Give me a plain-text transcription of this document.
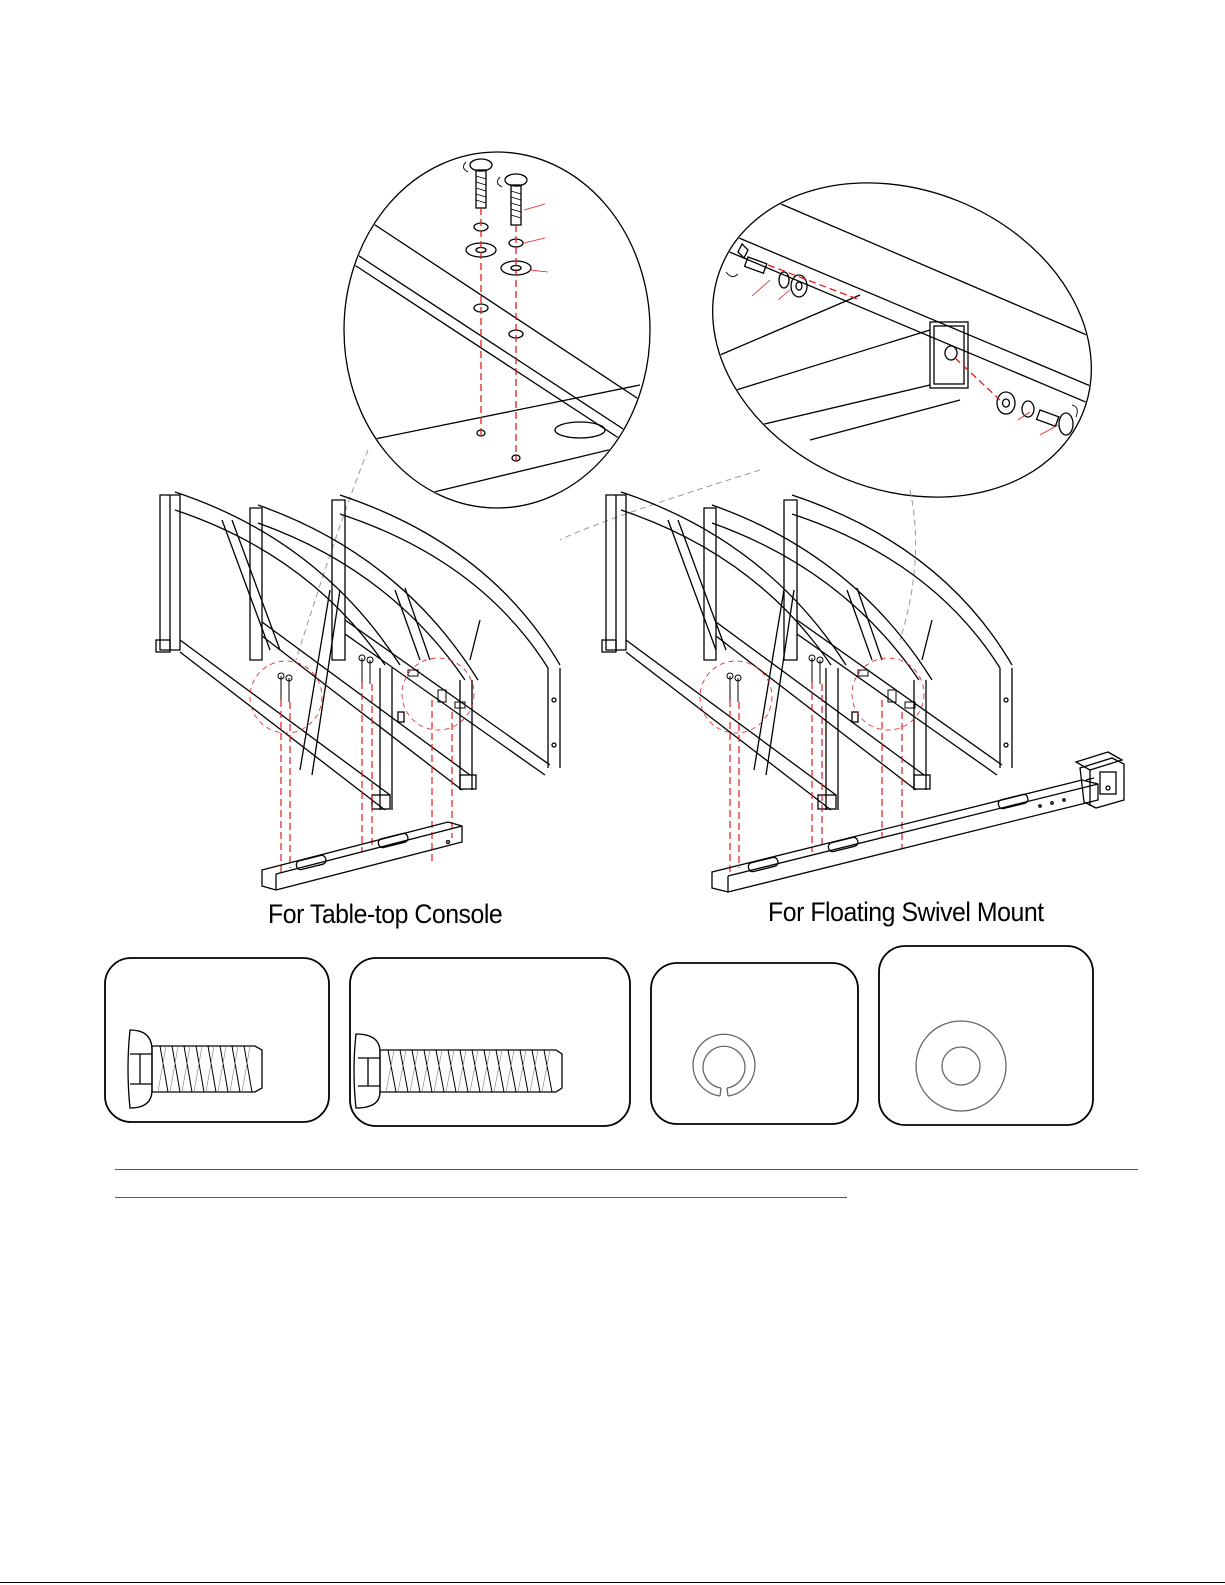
For Table-top Console	For Floating Swivel Mount
